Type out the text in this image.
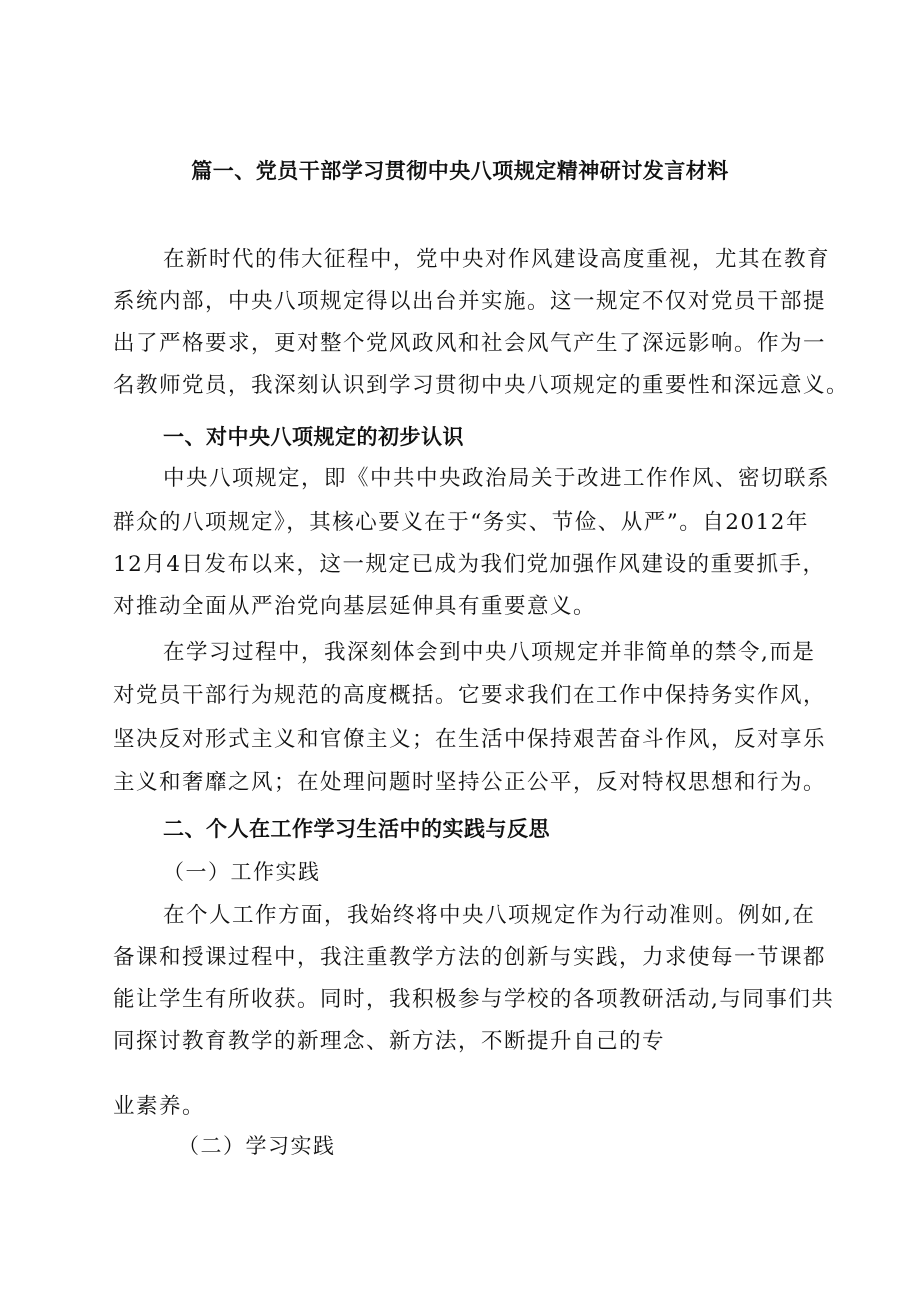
篇一、党员干部学习贯彻中央八项规定精神研讨发言材料
在新时代的伟大征程中，党中央对作风建设高度重视，尤其在教育
系统内部，中央八项规定得以出台并实施。这一规定不仅对党员干部提
出了严格要求，更对整个党风政风和社会风气产生了深远影响。作为一
名教师党员，我深刻认识到学习贯彻中央八项规定的重要性和深远意义。
一、对中央八项规定的初步认识
中央八项规定，即《中共中央政治局关于改进工作作风、密切联系
群众的八项规定》，其核心要义在于“务实、节俭、从严”。自2012年
12月4日发布以来，这一规定已成为我们党加强作风建设的重要抓手，
对推动全面从严治党向基层延伸具有重要意义。
在学习过程中，我深刻体会到中央八项规定并非简单的禁令,而是
对党员干部行为规范的高度概括。它要求我们在工作中保持务实作风，
坚决反对形式主义和官僚主义；在生活中保持艰苦奋斗作风，反对享乐
主义和奢靡之风；在处理问题时坚持公正公平，反对特权思想和行为。
二、个人在工作学习生活中的实践与反思
（一）工作实践
在个人工作方面，我始终将中央八项规定作为行动准则。例如,在
备课和授课过程中，我注重教学方法的创新与实践，力求使每一节课都
能让学生有所收获。同时，我积极参与学校的各项教研活动,与同事们共
同探讨教育教学的新理念、新方法，不断提升自己的专
业素养。
（二）学习实践
